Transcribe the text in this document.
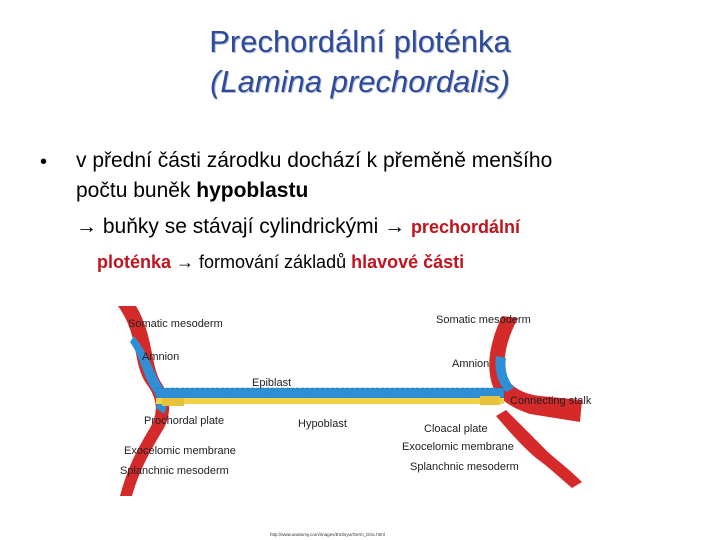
Prechordální ploténka
(Lamina prechordalis)
• v přední části zárodku dochází k přeměně menšího
počtu buněk hypoblastu
→ buňky se stávají cylindrickými → prechordální
ploténka → formování základů hlavové části
Somatic mesoderm
Amnion
Epiblast
Prochordal plate
Exocelomic membrane
Splanchnic mesoderm
Hypoblast
Somatic mesoderm
Amnion
Connecting stalk
Cloacal plate
Exocelomic membrane
Splanchnic mesoderm
http://www.anatomy.com/images/Embryo/Germ_Disc.html
